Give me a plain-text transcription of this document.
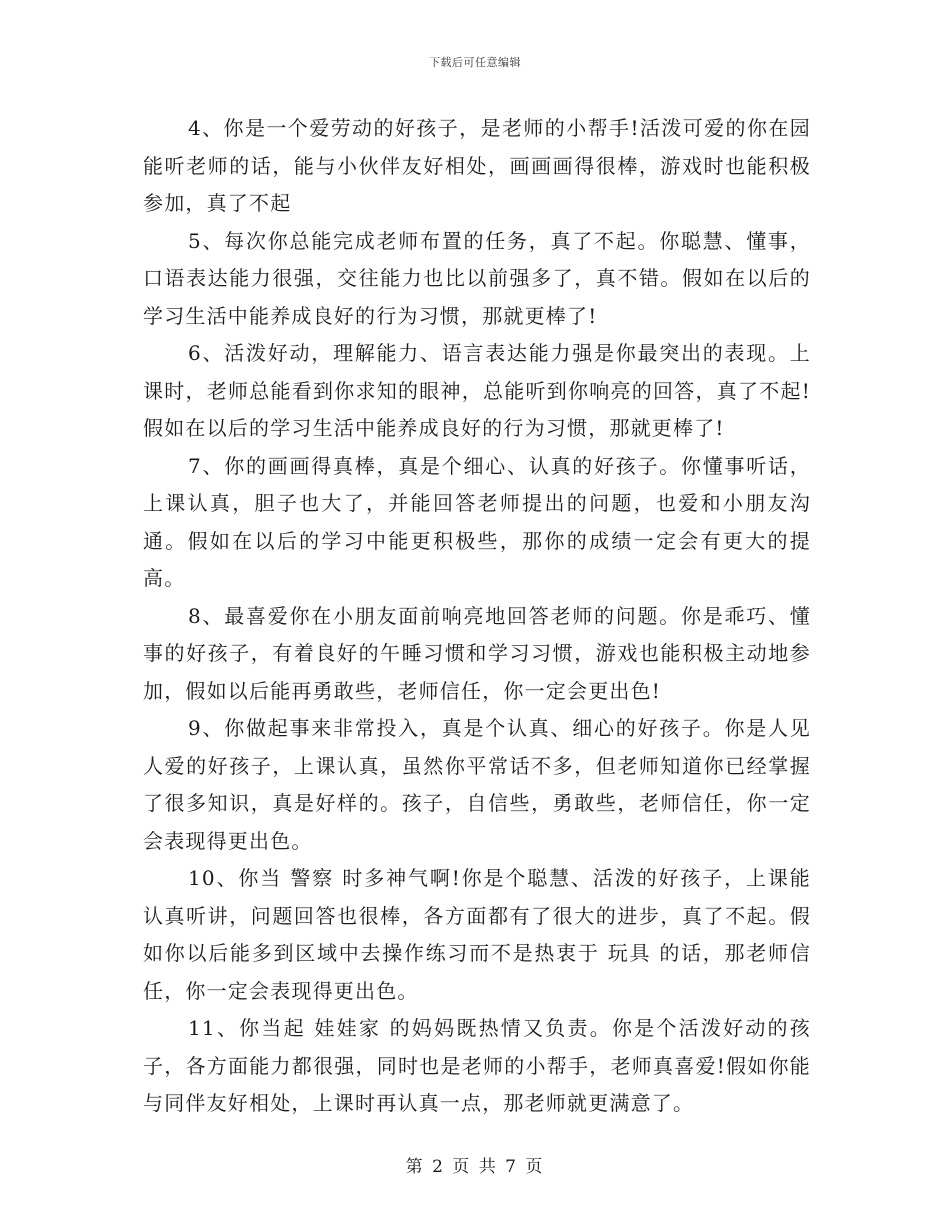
下载后可任意编辑

4、你是一个爱劳动的好孩子，是老师的小帮手!活泼可爱的你在园能听老师的话，能与小伙伴友好相处，画画画得很棒，游戏时也能积极参加，真了不起

5、每次你总能完成老师布置的任务，真了不起。你聪慧、懂事，口语表达能力很强，交往能力也比以前强多了，真不错。假如在以后的学习生活中能养成良好的行为习惯，那就更棒了!

6、活泼好动，理解能力、语言表达能力强是你最突出的表现。上课时，老师总能看到你求知的眼神，总能听到你响亮的回答，真了不起!假如在以后的学习生活中能养成良好的行为习惯，那就更棒了!

7、你的画画得真棒，真是个细心、认真的好孩子。你懂事听话，上课认真，胆子也大了，并能回答老师提出的问题，也爱和小朋友沟通。假如在以后的学习中能更积极些，那你的成绩一定会有更大的提高。

8、最喜爱你在小朋友面前响亮地回答老师的问题。你是乖巧、懂事的好孩子，有着良好的午睡习惯和学习习惯，游戏也能积极主动地参加，假如以后能再勇敢些，老师信任，你一定会更出色!

9、你做起事来非常投入，真是个认真、细心的好孩子。你是人见人爱的好孩子，上课认真，虽然你平常话不多，但老师知道你已经掌握了很多知识，真是好样的。孩子，自信些，勇敢些，老师信任，你一定会表现得更出色。

10、你当 警察 时多神气啊!你是个聪慧、活泼的好孩子，上课能认真听讲，问题回答也很棒，各方面都有了很大的进步，真了不起。假如你以后能多到区域中去操作练习而不是热衷于 玩具 的话，那老师信任，你一定会表现得更出色。

11、你当起 娃娃家 的妈妈既热情又负责。你是个活泼好动的孩子，各方面能力都很强，同时也是老师的小帮手，老师真喜爱!假如你能与同伴友好相处，上课时再认真一点，那老师就更满意了。

第 2 页 共 7 页
